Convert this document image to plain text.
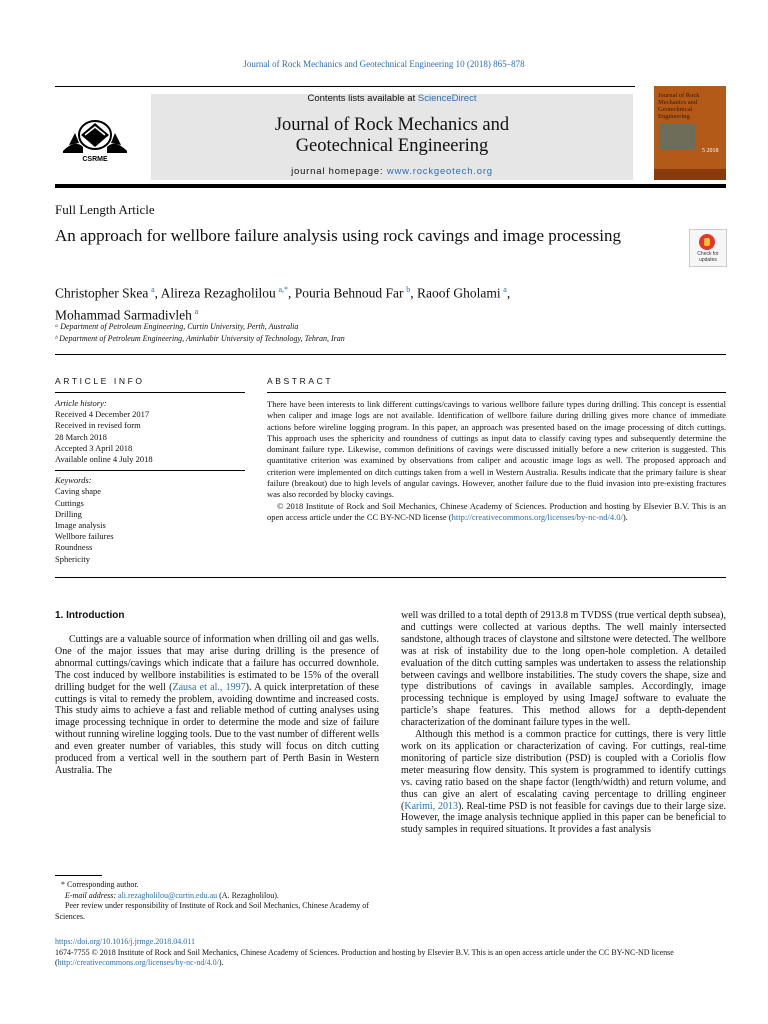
Journal of Rock Mechanics and Geotechnical Engineering 10 (2018) 865–878
CSRME
Contents lists available at ScienceDirect
Journal of Rock Mechanics and
Geotechnical Engineering
journal homepage: www.rockgeotech.org
Journal of Rock Mechanics and Geotechnical Engineering
5 2018
Full Length Article
An approach for wellbore failure analysis using rock cavings and image processing
Check for updates
Christopher Skea  $^a$, Alireza Rezagholilou  $^{a,*}$, Pouria Behnoud Far  $^b$, Raoof Gholami  $^a$,
Mohammad Sarmadivleh  $^a$
ᵃ Department of Petroleum Engineering, Curtin University, Perth, Australia
ᵇ Department of Petroleum Engineering, Amirkabir University of Technology, Tehran, Iran
ARTICLE INFO
Article history:
Received 4 December 2017
Received in revised form
28 March 2018
Accepted 3 April 2018
Available online 4 July 2018
Keywords:
Caving shape
Cuttings
Drilling
Image analysis
Wellbore failures
Roundness
Sphericity
ABSTRACT
There have been interests to link different cuttings/cavings to various wellbore failure types during drilling. This concept is essential when caliper and image logs are not available. Identification of wellbore failure during drilling gives more chance of immediate actions before wireline logging program. In this paper, an approach was presented based on the image processing of ditch cuttings. This approach uses the sphericity and roundness of cuttings as input data to classify caving types and subsequently determine the dominant failure type. Likewise, common definitions of cavings were discussed initially before a new criterion is suggested. This quantitative criterion was examined by observations from caliper and acoustic image logs as well. The proposed approach and criterion were implemented on ditch cuttings taken from a well in Western Australia. Results indicate that the primary failure is shear failure (breakout) due to high levels of angular cavings. However, another failure due to the fluid invasion into pre-existing fractures was also recorded by blocky cavings.
© 2018 Institute of Rock and Soil Mechanics, Chinese Academy of Sciences. Production and hosting by Elsevier B.V. This is an open access article under the CC BY-NC-ND license (http://creativecommons.org/licenses/by-nc-nd/4.0/).
1. Introduction

Cuttings are a valuable source of information when drilling oil and gas wells. One of the major issues that may arise during drilling is the presence of abnormal cuttings/cavings which indicate that a failure has occurred downhole. The cost induced by wellbore instabilities is estimated to be 15% of the overall drilling budget for the well (Zausa et al., 1997). A quick interpretation of these cuttings is vital to remedy the problem, avoiding downtime and increased costs. This study aims to achieve a fast and reliable method of cutting analyses using image processing technique in order to determine the mode and size of failure without running wireline logging tools. Due to the vast number of different wells and even greater number of variables, this study will focus on ditch cutting produced from a vertical well in the southern part of Perth Basin in Western Australia. The

well was drilled to a total depth of 2913.8 m TVDSS (true vertical depth subsea), and cuttings were collected at various depths. The well mainly intersected sandstone, although traces of claystone and siltstone were detected. The wellbore was at risk of instability due to the long open-hole completion. A detailed evaluation of the ditch cutting samples was undertaken to assess the relationship between cavings and wellbore instabilities. The study covers the shape, size and type distributions of cavings in available samples. Accordingly, image processing technique is employed by using ImageJ software to evaluate the particle’s shape features. This method allows for a depth-dependent characterization of the dominant failure types in the well.

Although this method is a common practice for cuttings, there is very little work on its application or characterization of caving. For cuttings, real-time monitoring of particle size distribution (PSD) is coupled with a Coriolis flow meter measuring flow density. This system is programmed to identify cuttings vs. caving ratio based on the shape factor (length/width) and return volume, and thus can give an alert of escalating caving percentage to drilling engineer (Karimi, 2013). Real-time PSD is not feasible for cavings due to their large size. However, the image analysis technique applied in this paper can be beneficial to study samples in required situations. It provides a fast analysis

* Corresponding author.
E-mail address: ali.rezagholilou@curtin.edu.au (A. Rezagholilou).
Peer review under responsibility of Institute of Rock and Soil Mechanics, Chinese Academy of Sciences.
https://doi.org/10.1016/j.jrmge.2018.04.011
1674-7755 © 2018 Institute of Rock and Soil Mechanics, Chinese Academy of Sciences. Production and hosting by Elsevier B.V. This is an open access article under the CC BY-NC-ND license (http://creativecommons.org/licenses/by-nc-nd/4.0/).
